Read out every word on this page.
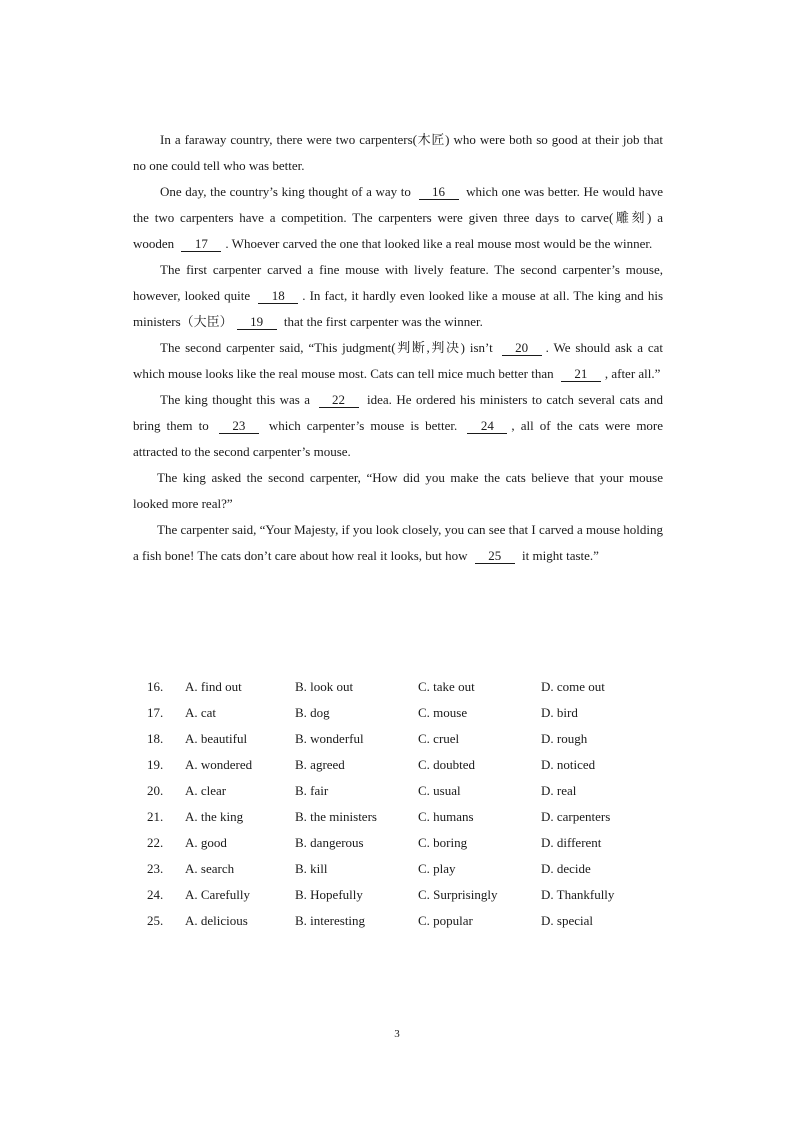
In a faraway country, there were two carpenters(木匠) who were both so good at their job that no one could tell who was better.

One day, the country’s king thought of a way to 16 which one was better. He would have the two carpenters have a competition. The carpenters were given three days to carve(雕刻) a wooden 17 . Whoever carved the one that looked like a real mouse most would be the winner.

The first carpenter carved a fine mouse with lively feature. The second carpenter’s mouse, however, looked quite 18 . In fact, it hardly even looked like a mouse at all. The king and his ministers（大臣） 19 that the first carpenter was the winner.

The second carpenter said, “This judgment(判断,判决) isn’t 20 . We should ask a cat which mouse looks like the real mouse most. Cats can tell mice much better than 21 , after all.”

The king thought this was a 22 idea. He ordered his ministers to catch several cats and bring them to 23 which carpenter’s mouse is better. 24 , all of the cats were more attracted to the second carpenter’s mouse.

The king asked the second carpenter, “How did you make the cats believe that your mouse looked more real?”

The carpenter said, “Your Majesty, if you look closely, you can see that I carved a mouse holding a fish bone! The cats don’t care about how real it looks, but how 25 it might taste.”

16.	A. find out	B. look out	C. take out	D. come out
17.	A. cat	B. dog	C. mouse	D. bird
18.	A. beautiful	B. wonderful	C. cruel	D. rough
19.	A. wondered	B. agreed	C. doubted	D. noticed
20.	A. clear	B. fair	C. usual	D. real
21.	A. the king	B. the ministers	C. humans	D. carpenters
22.	A. good	B. dangerous	C. boring	D. different
23.	A. search	B. kill	C. play	D. decide
24.	A. Carefully	B. Hopefully	C. Surprisingly	D. Thankfully
25.	A. delicious	B. interesting	C. popular	D. special
3
